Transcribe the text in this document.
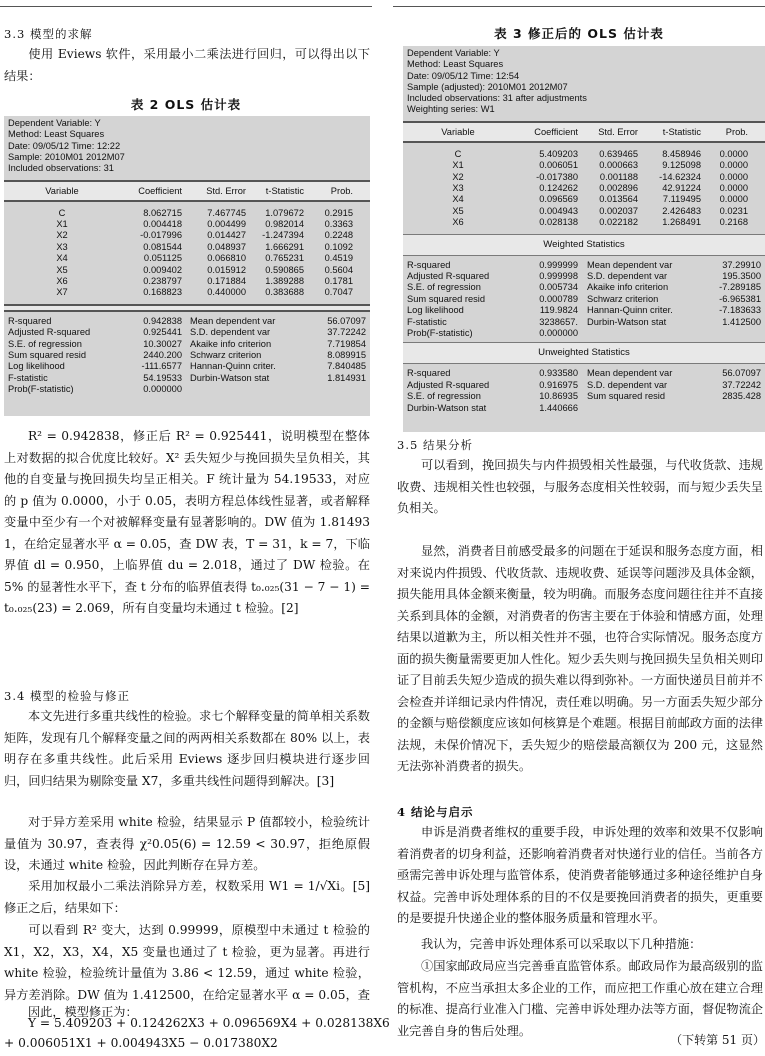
3.3 模型的求解
使用 Eviews 软件，采用最小二乘法进行回归，可以得出以下结果：
表 2 OLS 估计表
Dependent Variable: Y
Method: Least Squares
Date: 09/05/12 Time: 12:22
Sample: 2010M01 2012M07
Included observations: 31
Variable	Coefficient	Std. Error t-Statistic	Prob.
C	8.062715	7.467745 1.079672 0.2915
X1	0.004418	0.004499 0.982014 0.3363
X2	-0.017996	0.014427 -1.247394 0.2248
X3	0.081544	0.048937 1.666291 0.1092
X4	0.051125	0.066810 0.765231 0.4519
X5	0.009402	0.015912 0.590865 0.5604
X6	0.238797	0.171884 1.389288 0.1781
X7	0.168823	0.440000 0.383688 0.7047
R-squared	0.942838 Mean dependent var	56.07097
Adjusted R-squared	0.925441 S.D. dependent var	37.72242
S.E. of regression	10.30027 Akaike info criterion	7.719854
Sum squared resid	2440.200 Schwarz criterion	8.089915
Log likelihood	-111.6577 Hannan-Quinn criter.	7.840485
F-statistic	54.19533 Durbin-Watson stat	1.814931
Prob(F-statistic)	0.000000
R² = 0.942838，修正后 R² = 0.925441，说明模型在整体上对数据的拟合优度比较好。X² 丢失短少与挽回损失呈负相关，其他的自变量与挽回损失均呈正相关。F 统计量为 54.19533，对应的 p 值为 0.0000，小于 0.05，表明方程总体线性显著，或者解释变量中至少有一个对被解释变量有显著影响的。DW 值为 1.814931，在给定显著水平 α = 0.05，查 DW 表，T = 31，k = 7，下临界值 dl = 0.950，上临界值 du = 2.018，通过了 DW 检验。在 5% 的显著性水平下，查 t 分布的临界值表得 t₀.₀₂₅(31 − 7 − 1) = t₀.₀₂₅(23) = 2.069，所有自变量均未通过 t 检验。[2]
3.4 模型的检验与修正
本文先进行多重共线性的检验。求七个解释变量的简单相关系数矩阵，发现有几个解释变量之间的两两相关系数都在 80% 以上，表明存在多重共线性。此后采用 Eviews 逐步回归模块进行逐步回归，回归结果为剔除变量 X7，多重共线性问题得到解决。[3]
对于异方差采用 white 检验，结果显示 P 值都较小，检验统计量值为 30.97，查表得 χ²0.05(6) = 12.59 < 30.97，拒绝原假设，未通过 white 检验，因此判断存在异方差。
采用加权最小二乘法消除异方差，权数采用 W1 = 1/√Xi。[5] 修正之后，结果如下：
可以看到 R² 变大，达到 0.99999，原模型中未通过 t 检验的 X1，X2，X3，X4，X5 变量也通过了 t 检验，更为显著。再进行 white 检验，检验统计量值为 3.86 < 12.59，通过 white 检验，异方差消除。DW 值为 1.412500，在给定显著水平 α = 0.05，查
因此，模型修正为：
Y = 5.409203 + 0.124262X3 + 0.096569X4 + 0.028138X6
+ 0.006051X1 + 0.004943X5 − 0.017380X2
表 3 修正后的 OLS 估计表
Dependent Variable: Y
Method: Least Squares
Date: 09/05/12 Time: 12:54
Sample (adjusted): 2010M01 2012M07
Included observations: 31 after adjustments
Weighting series: W1
Variable	Coefficient Std. Error	t-Statistic	Prob.
C	5.409203 0.639465	8.458946 0.0000
X1	0.006051 0.000663	9.125098 0.0000
X2	-0.017380 0.001188 -14.62324 0.0000
X3	0.124262 0.002896	42.91224 0.0000
X4	0.096569 0.013564	7.119495 0.0000
X5	0.004943 0.002037	2.426483 0.0231
X6	0.028138 0.022182	1.268491 0.2168
Weighted Statistics
R-squared	0.999999 Mean dependent var	37.29910
Adjusted R-squared	0.999998 S.D. dependent var	195.3500
S.E. of regression	0.005734 Akaike info criterion	-7.289185
Sum squared resid	0.000789 Schwarz criterion	-6.965381
Log likelihood	119.9824 Hannan-Quinn criter.	-7.183633
F-statistic	3238657. Durbin-Watson stat	1.412500
Prob(F-statistic)	0.000000
Unweighted Statistics
R-squared	0.933580 Mean dependent var	56.07097
Adjusted R-squared	0.916975 S.D. dependent var	37.72242
S.E. of regression	10.86935 Sum squared resid	2835.428
Durbin-Watson stat	1.440666
3.5 结果分析
可以看到，挽回损失与内件损毁相关性最强，与代收货款、违规收费、违规相关性也较强，与服务态度相关性较弱，而与短少丢失呈负相关。
显然，消费者目前感受最多的问题在于延误和服务态度方面，相对来说内件损毁、代收货款、违规收费、延误等问题涉及具体金额，损失能用具体金额来衡量，较为明确。而服务态度问题往往并不直接关系到具体的金额，对消费者的伤害主要在于体验和情感方面，处理结果以道歉为主，所以相关性并不强，也符合实际情况。服务态度方面的损失衡量需要更加人性化。短少丢失则与挽回损失呈负相关则印证了目前丢失短少造成的损失难以得到弥补。一方面快递员目前并不会检查并详细记录内件情况，责任难以明确。另一方面丢失短少部分的金额与赔偿额度应该如何核算是个难题。根据目前邮政方面的法律法规，未保价情况下，丢失短少的赔偿最高额仅为 200 元，这显然无法弥补消费者的损失。
4 结论与启示
申诉是消费者维权的重要手段，申诉处理的效率和效果不仅影响着消费者的切身利益，还影响着消费者对快递行业的信任。当前各方亟需完善申诉处理与监管体系，使消费者能够通过多种途径维护自身权益。完善申诉处理体系的目的不仅是要挽回消费者的损失，更重要的是要提升快递企业的整体服务质量和管理水平。
我认为，完善申诉处理体系可以采取以下几种措施：
①国家邮政局应当完善垂直监管体系。邮政局作为最高级别的监管机构，不应当承担太多企业的工作，而应把工作重心放在建立合理的标准、提高行业准入门槛、完善申诉处理办法等方面，督促物流企业完善自身的售后处理。
（下转第 51 页）
